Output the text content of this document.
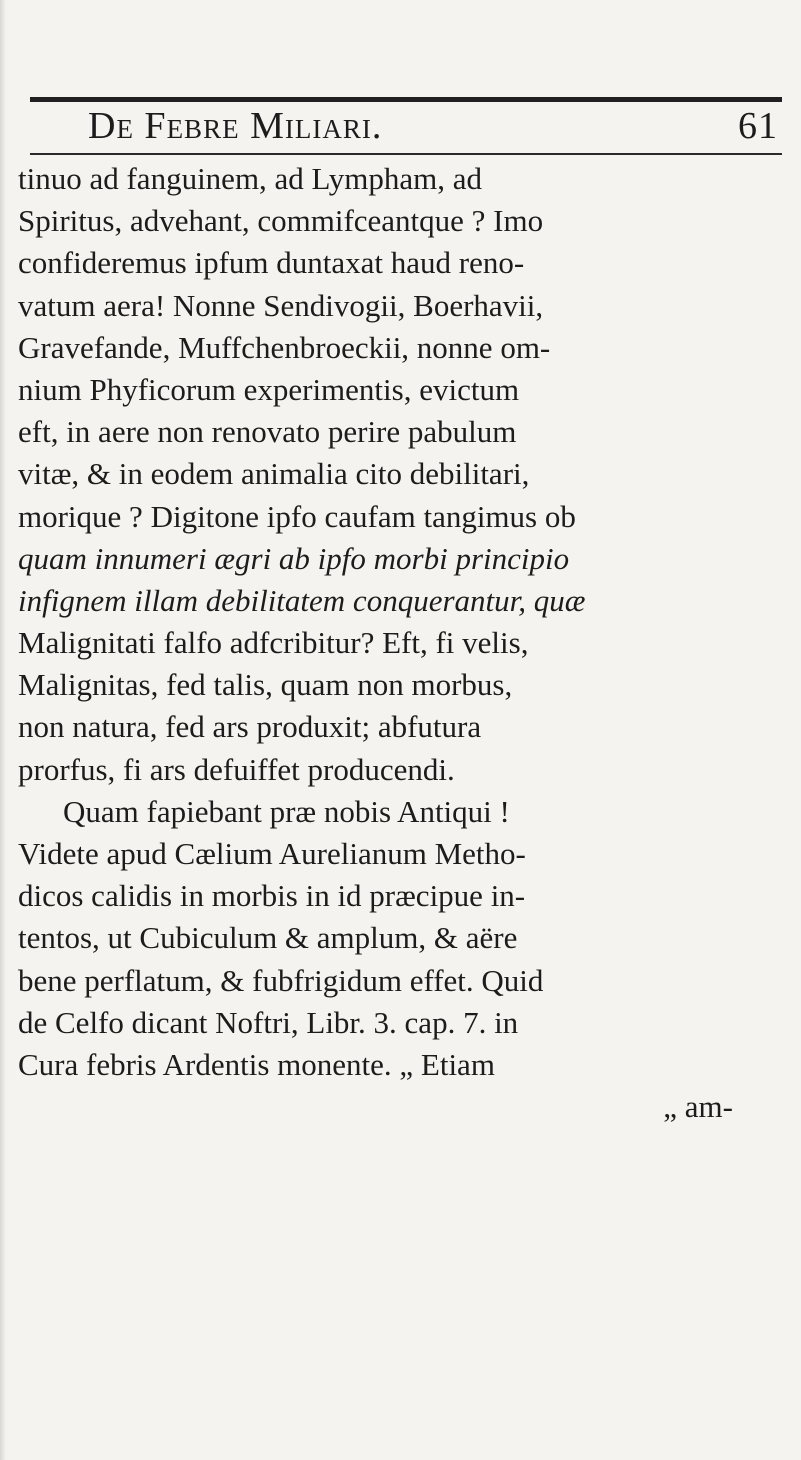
De Febre Miliari.	61
tinuo ad fanguinem, ad Lympham, ad
Spiritus, advehant, commifceantque ? Imo
confideremus ipfum duntaxat haud reno-
vatum aera! Nonne Sendivogii, Boerhavii,
Gravefande, Muffchenbroeckii, nonne om-
nium Phyficorum experimentis, evictum
eft, in aere non renovato perire pabulum
vitæ, & in eodem animalia cito debilitari,
morique ? Digitone ipfo caufam tangimus ob
quam innumeri ægri ab ipfo morbi principio
infignem illam debilitatem conquerantur, quæ
Malignitati falfo adfcribitur? Eft, fi velis,
Malignitas, fed talis, quam non morbus,
non natura, fed ars produxit; abfutura
prorfus, fi ars defuiffet producendi.
Quam fapiebant præ nobis Antiqui !
Videte apud Cælium Aurelianum Metho-
dicos calidis in morbis in id præcipue in-
tentos, ut Cubiculum & amplum, & aëre
bene perflatum, & fubfrigidum effet. Quid
de Celfo dicant Noftri, Libr. 3. cap. 7. in
Cura febris Ardentis monente. „ Etiam
„ am-
